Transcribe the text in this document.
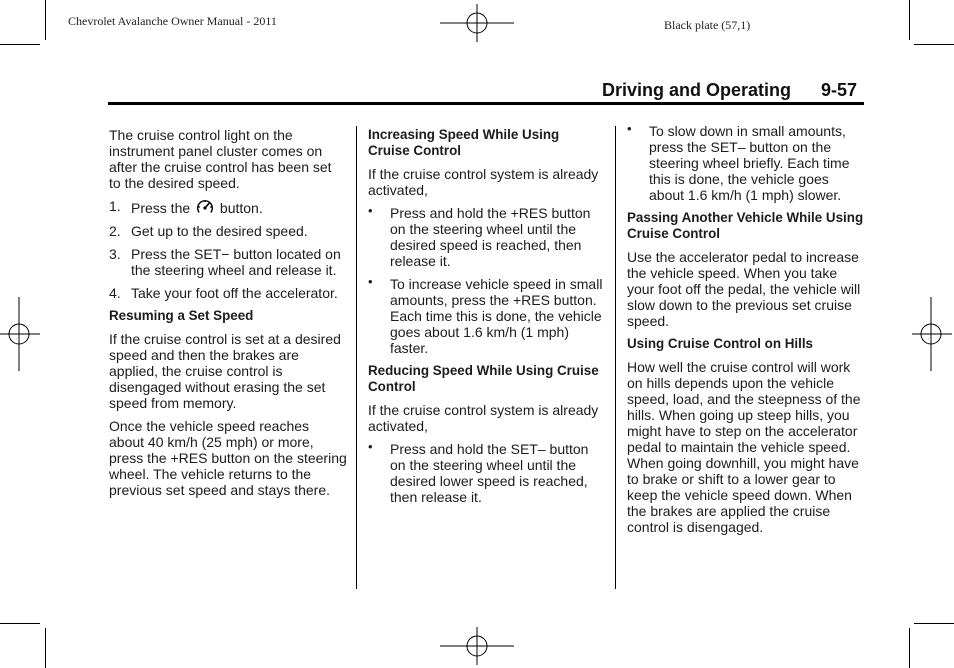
Chevrolet Avalanche Owner Manual - 2011	Black plate (57,1)
Driving and Operating 9-57

The cruise control light on the instrument panel cluster comes on after the cruise control has been set to the desired speed.

1. Press the button.
2. Get up to the desired speed.
3. Press the SET− button located on the steering wheel and release it.
4. Take your foot off the accelerator.
Resuming a Set Speed

If the cruise control is set at a desired speed and then the brakes are applied, the cruise control is disengaged without erasing the set speed from memory.

Once the vehicle speed reaches about 40 km/h (25 mph) or more, press the +RES button on the steering wheel. The vehicle returns to the previous set speed and stays there.

Increasing Speed While Using Cruise Control

If the cruise control system is already activated,

• Press and hold the +RES button on the steering wheel until the desired speed is reached, then release it.
• To increase vehicle speed in small amounts, press the +RES button. Each time this is done, the vehicle goes about 1.6 km/h (1 mph) faster.
Reducing Speed While Using Cruise Control

If the cruise control system is already activated,

• Press and hold the SET– button on the steering wheel until the desired lower speed is reached, then release it.
• To slow down in small amounts, press the SET– button on the steering wheel briefly. Each time this is done, the vehicle goes about 1.6 km/h (1 mph) slower.
Passing Another Vehicle While Using Cruise Control

Use the accelerator pedal to increase the vehicle speed. When you take your foot off the pedal, the vehicle will slow down to the previous set cruise speed.

Using Cruise Control on Hills

How well the cruise control will work on hills depends upon the vehicle speed, load, and the steepness of the hills. When going up steep hills, you might have to step on the accelerator pedal to maintain the vehicle speed. When going downhill, you might have to brake or shift to a lower gear to keep the vehicle speed down. When the brakes are applied the cruise control is disengaged.
